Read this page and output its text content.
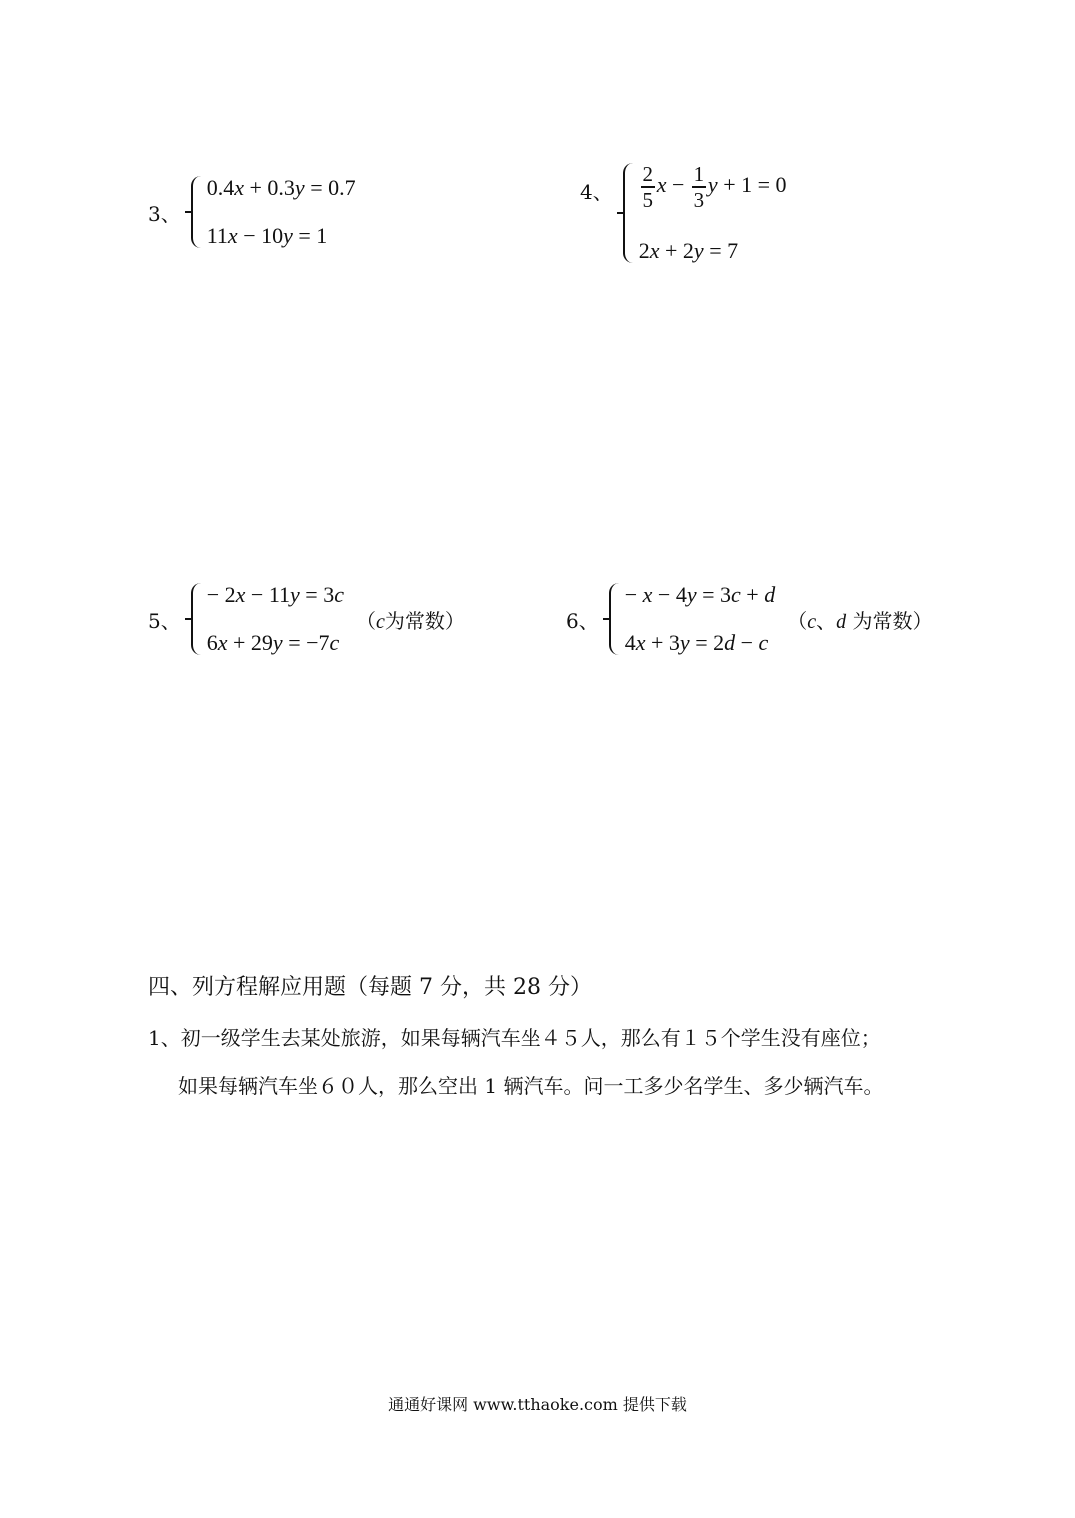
3、
0.4x + 0.3y = 0.7
11x − 10y = 1
4、 $\frac{2}{5}$ $x - \frac{1}{3}$ y + 1 = 0
2x + 2y = 7
5、
− 2x − 11y = 3c
6x + 29y = −7c
（c为常数）	6、
− x − 4y = 3c + d
4x + 3y = 2d − c
（c、d 为常数）
四、列方程解应用题（每题 7 分，共 28 分）
1、初一级学生去某处旅游，如果每辆汽车坐４５人，那么有１５个学生没有座位；
如果每辆汽车坐６０人，那么空出 1 辆汽车。问一工多少名学生、多少辆汽车。
通通好课网 www.tthaoke.com 提供下载
